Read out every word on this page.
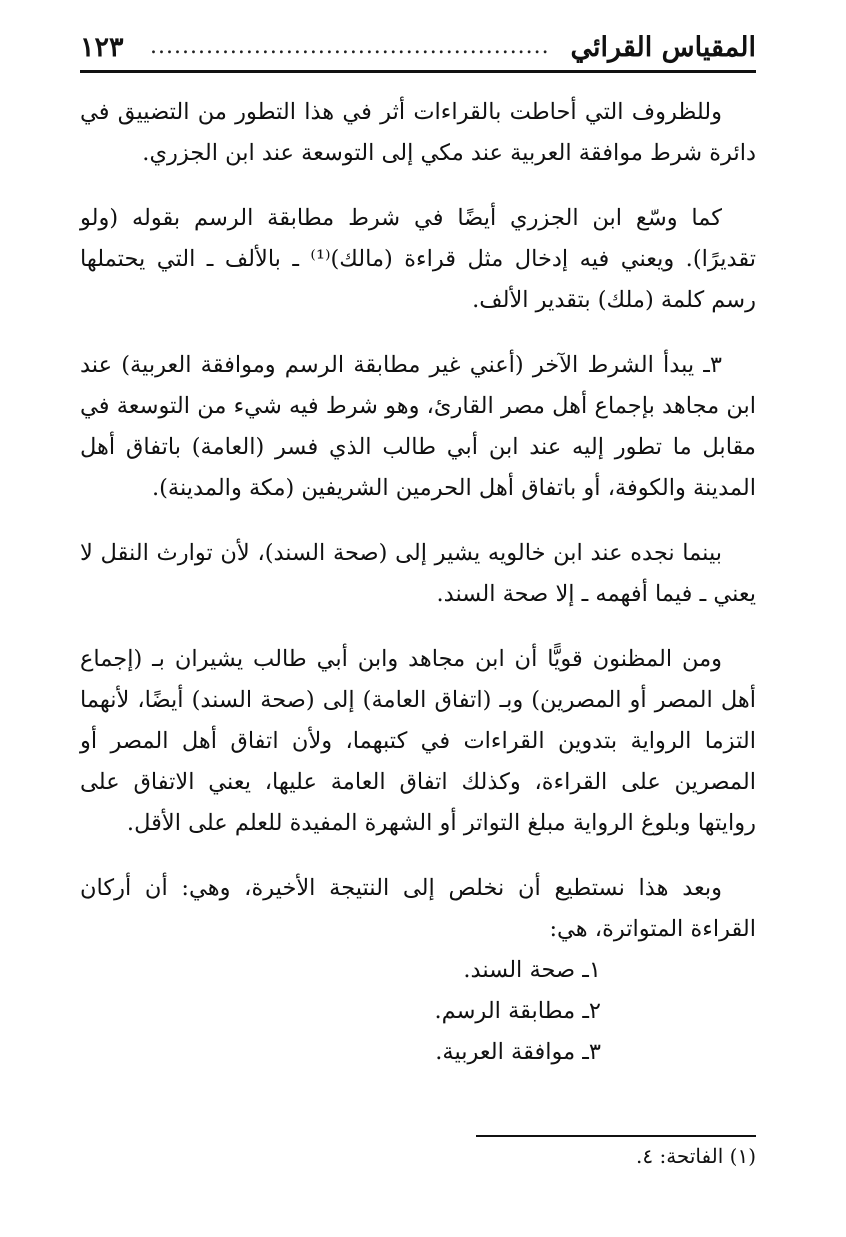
المقياس القرائي
..................................................
١٢٣

وللظروف التي أحاطت بالقراءات أثر في هذا التطور من التضييق في دائرة شرط موافقة العربية عند مكي إلى التوسعة عند ابن الجزري.

كما وسّع ابن الجزري أيضًا في شرط مطابقة الرسم بقوله (ولو تقديرًا). ويعني فيه إدخال مثل قراءة (مالك)⁽¹⁾ ـ بالألف ـ التي يحتملها رسم كلمة (ملك) بتقدير الألف.

٣ـ يبدأ الشرط الآخر (أعني غير مطابقة الرسم وموافقة العربية) عند ابن مجاهد بإجماع أهل مصر القارئ، وهو شرط فيه شيء من التوسعة في مقابل ما تطور إليه عند ابن أبي طالب الذي فسر (العامة) باتفاق أهل المدينة والكوفة، أو باتفاق أهل الحرمين الشريفين (مكة والمدينة).

بينما نجده عند ابن خالويه يشير إلى (صحة السند)، لأن توارث النقل لا يعني ـ فيما أفهمه ـ إلا صحة السند.

ومن المظنون قويًّا أن ابن مجاهد وابن أبي طالب يشيران بـ (إجماع أهل المصر أو المصرين) وبـ (اتفاق العامة) إلى (صحة السند) أيضًا، لأنهما التزما الرواية بتدوين القراءات في كتبهما، ولأن اتفاق أهل المصر أو المصرين على القراءة، وكذلك اتفاق العامة عليها، يعني الاتفاق على روايتها وبلوغ الرواية مبلغ التواتر أو الشهرة المفيدة للعلم على الأقل.

وبعد هذا نستطيع أن نخلص إلى النتيجة الأخيرة، وهي: أن أركان القراءة المتواترة، هي:

١ـ صحة السند.
٢ـ مطابقة الرسم.
٣ـ موافقة العربية.
(١) الفاتحة: ٤.
